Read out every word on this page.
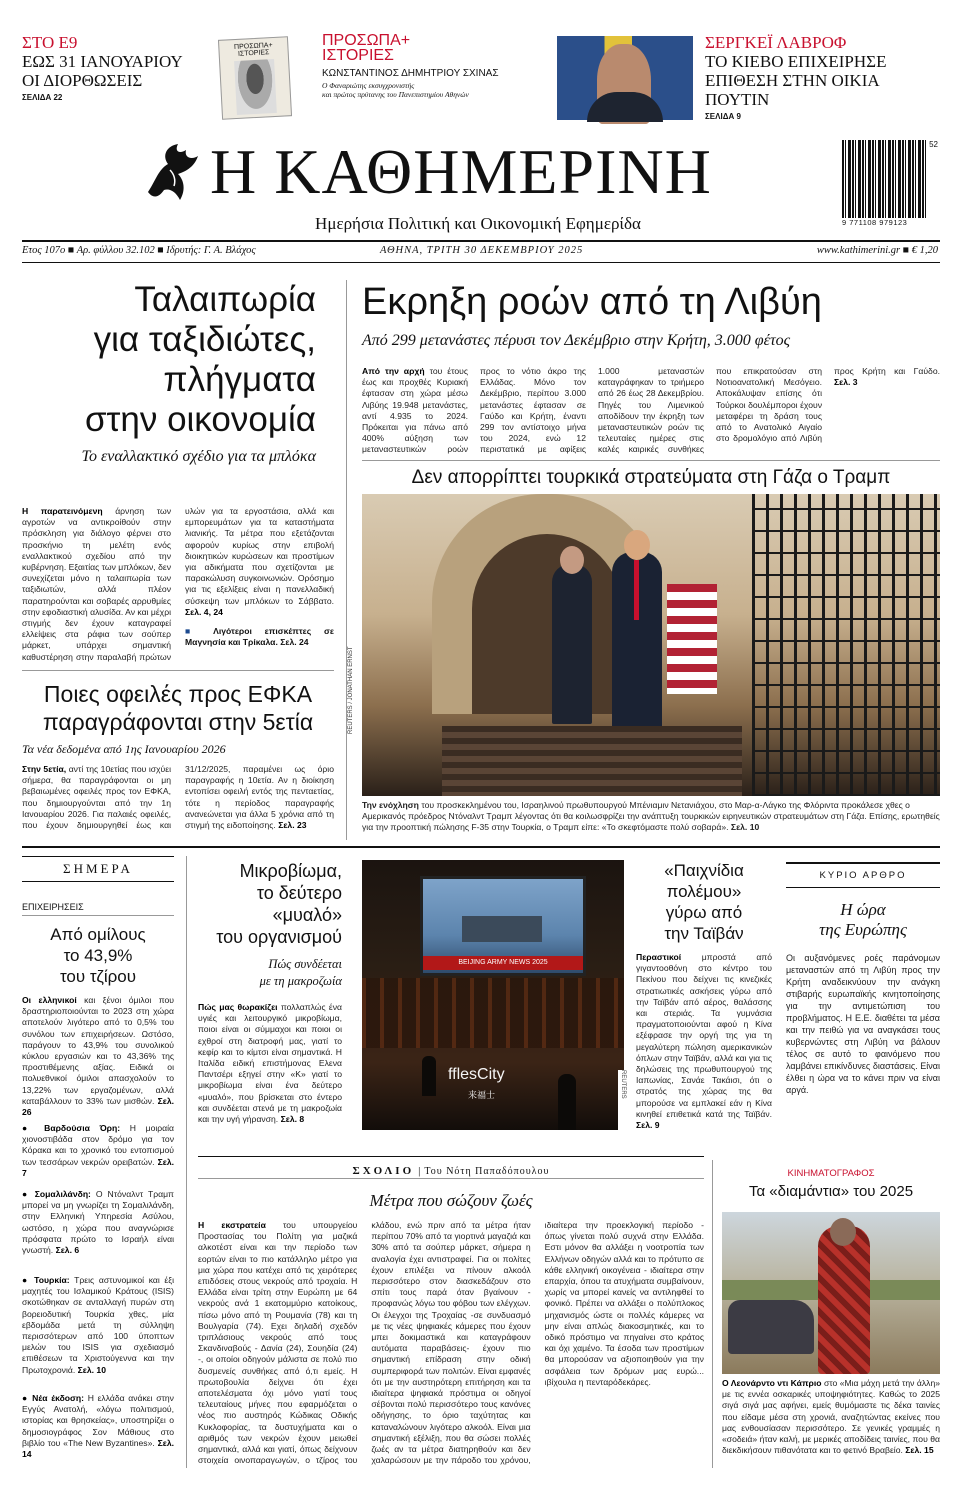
ΣΤΟ Ε9
ΕΩΣ 31 ΙΑΝΟΥΑΡΙΟΥ
ΟΙ ΔΙΟΡΘΩΣΕΙΣ
ΣΕΛΙΔΑ 22
ΠΡΟΣΩΠΑ+ ΙΣΤΟΡΙΕΣ
ΠΡΟΣΩΠΑ+
ΙΣΤΟΡΙΕΣ
ΚΩΝΣΤΑΝΤΙΝΟΣ ΔΗΜΗΤΡΙΟΥ ΣΧΙΝΑΣ
Ο Φαναριώτης εκσυγχρονιστής
και πρώτος πρύτανης του Πανεπιστημίου Αθηνών
ΣΕΡΓΚΕΪ ΛΑΒΡΟΦ
ΤΟ ΚΙΕΒΟ ΕΠΙΧΕΙΡΗΣΕ
ΕΠΙΘΕΣΗ ΣΤΗΝ ΟΙΚΙΑ ΠΟΥΤΙΝ
ΣΕΛΙΔΑ 9
Η ΚΑΘΗΜΕΡΙΝΗ
Ημερήσια Πολιτική και Οικονομική Εφημερίδα
52
9 771108 979123
Ετος 107ο ■ Αρ. φύλλου 32.102 ■ Ιδρυτής: Γ. Α. Βλάχος	ΑΘΗΝΑ, ΤΡΙΤΗ 30 ΔΕΚΕΜΒΡΙΟΥ 2025	www.kathimerini.gr ■ € 1,20
Ταλαιπωρία
για ταξιδιώτες,
πλήγματα
στην οικονομία
Το εναλλακτικό σχέδιο για τα μπλόκα
Η παρατεινόμενη άρνηση των αγροτών να αντικροίθούν στην πρόσκληση για διάλογο φέρνει στο προσκήνιο τη μελέτη ενός εναλλακτικού σχεδίου από την κυβέρνηση. Εξαιτίας των μπλόκων, δεν συνεχίζεται μόνο η ταλαιπωρία των ταξιδιωτών, αλλά πλέον παρατηρούνται και σοβαρές αρρυθμίες στην εφοδιαστική αλυσίδα. Αν και μέχρι στιγμής δεν έχουν καταγραφεί ελλείψεις στα ράφια των σούπερ μάρκετ, υπάρχει σημαντική καθυστέρηση στην παραλαβή πρώτων υλών για τα εργοστάσια, αλλά και εμπορευμάτων για τα καταστήματα λιανικής. Τα μέτρα που εξετάζονται αφορούν κυρίως στην επιβολή διοικητικών κυρώσεων και προστίμων για αδικήματα που σχετίζονται με παρακώλυση συγκοινωνιών. Ορόσημο για τις εξελίξεις είναι η πανελλαδική σύσκεψη των μπλόκων το Σάββατο. Σελ. 4, 24
■ Λιγότεροι επισκέπτες σε Μαγνησία και Τρίκαλα. Σελ. 24
Ποιες οφειλές προς ΕΦΚΑ
παραγράφονται στην 5ετία
Τα νέα δεδομένα από 1ης Ιανουαρίου 2026
Στην 5ετία, αντί της 10ετίας που ισχύει σήμερα, θα παραγράφονται οι μη βεβαιωμένες οφειλές προς τον ΕΦΚΑ, που δημιουργούνται από την 1η Ιανουαρίου 2026. Για παλαιές οφειλές, που έχουν δημιουργηθεί έως και 31/12/2025, παραμένει ως όριο παραγραφής η 10ετία. Αν η διοίκηση εντοπίσει οφειλή εντός της πενταετίας, τότε η περίοδος παραγραφής ανανεώνεται για άλλα 5 χρόνια από τη στιγμή της ειδοποίησης. Σελ. 23
Εκρηξη ροών από τη Λιβύη
Από 299 μετανάστες πέρυσι τον Δεκέμβριο στην Κρήτη, 3.000 φέτος
Από την αρχή του έτους έως και προχθές Κυριακή έφτασαν στη χώρα μέσω Λιβύης 19.948 μετανάστες, αντί 4.935 το 2024. Πρόκειται για πάνω από 400% αύξηση των μεταναστευτικών ροών προς το νότιο άκρο της Ελλάδας. Μόνο τον Δεκέμβριο, περίπου 3.000 μετανάστες έφτασαν σε Γαύδο και Κρήτη, έναντι 299 τον αντίστοιχο μήνα του 2024, ενώ 12 περιστατικά με αφίξεις 1.000 μεταναστών καταγράφηκαν το τριήμερο από 26 έως 28 Δεκεμβρίου. Πηγές του Λιμενικού αποδίδουν την έκρηξη των μεταναστευτικών ροών τις τελευταίες ημέρες στις καλές καιρικές συνθήκες που επικρατούσαν στη Νοτιοανατολική Μεσόγειο. Αποκάλυψαν επίσης ότι Τούρκοι δουλέμποροι έχουν μεταφέρει τη δράση τους από το Ανατολικό Αιγαίο στο δρομολόγιο από Λιβύη προς Κρήτη και Γαύδο. Σελ. 3
Δεν απορρίπτει τουρκικά στρατεύματα στη Γάζα ο Τραμπ
REUTERS / JONATHAN ERNST
Την ενόχληση του προσκεκλημένου του, Ισραηλινού πρωθυπουργού Μπένιαμιν Νετανιάχου, στο Μαρ-α-Λάγκο της Φλόριντα προκάλεσε χθες ο Αμερικανός πρόεδρος Ντόναλντ Τραμπ λέγοντας ότι θα κοιλωσφρίζει την ανάπτυξη τουρκικών ειρηνευτικών στρατευμάτων στη Γάζα. Επίσης, ερωτηθείς για την προοπτική πώλησης F-35 στην Τουρκία, ο Τραμπ είπε: «Το σκεφτόμαστε πολύ σοβαρά». Σελ. 10
ΣΗΜΕΡΑ
ΕΠΙΧΕΙΡΗΣΕΙΣ
Από ομίλους
το 43,9%
του τζίρου
Οι ελληνικοί και ξένοι όμιλοι που δραστηριοποιούνται το 2023 στη χώρα αποτελούν λιγότερο από το 0,5% του συνόλου των επιχειρήσεων. Ωστόσο, παράγουν το 43,9% του συνολικού κύκλου εργασιών και το 43,36% της προστιθέμενης αξίας. Ειδικά οι πολυεθνικοί όμιλοι απασχολούν το 13,22% των εργαζομένων, αλλά καταβάλλουν το 33% των μισθών. Σελ. 26
● Βαρδούσια Όρη: Η μοιραία χιονοστιβάδα στον δρόμο για τον Κόρακα και το χρονικό του εντοπισμού των τεσσάρων νεκρών ορειβατών. Σελ. 7
● Σομαλιλάνδη: Ο Ντόναλντ Τραμπ μπορεί να μη γνωρίζει τη Σομαλιλάνδη, στην Ελληνική Υπηρεσία Ασύλου, ωστόσο, η χώρα που αναγνώρισε πρόσφατα πρώτο το Ισραήλ είναι γνωστή. Σελ. 6
● Τουρκία: Τρεις αστυνομικοί και έξι μαχητές του Ισλαμικού Κράτους (ISIS) σκοτώθηκαν σε ανταλλαγή πυρών στη βορειοδυτική Τουρκία χθες, μία εβδομάδα μετά τη σύλληψη περισσότερων από 100 ύποπτων μελών του ISIS για σχεδιασμό επιθέσεων τα Χριστούγεννα και την Πρωτοχρονιά. Σελ. 10
● Νέα έκδοση: Η ελλάδα ανάκει στην Εγγύς Ανατολή, «λόγω πολιτισμού, ιστορίας και θρησκείας», υποστηρίζει ο δημοσιογράφος Σον Μάθιους στο βιβλίο του «The New Byzantines». Σελ. 14
Μικροβίωμα,
το δεύτερο
«μυαλό»
του οργανισμού
Πώς συνδέεται
με τη μακροζωία
Πώς μας θωρακίζει πολλαπλώς ένα υγιές και λειτουργικό μικροβίωμα, ποιοι είναι οι σύμμαχοι και ποιοι οι εχθροί στη διατροφή μας, γιατί το κεφίρ και το κίμτσι είναι σημαντικά. Η Ιταλίδα ειδική επιστήμονας Ελενα Παντσέρι εξηγεί στην «Κ» γιατί το μικροβίωμα είναι ένα δεύτερο «μυαλό», που βρίσκεται στο έντερο και συνδέεται στενά με τη μακροζωία και την υγή γήρανση. Σελ. 8
BEIJING ARMY NEWS 2025
fflesCity
来福士	REUTERS
«Παιχνίδια
πολέμου»
γύρω από
την Ταϊβάν
Περαστικοί μπροστά από γιγαντοοθόνη στο κέντρο του Πεκίνου που δείχνει τις κινεζικές στρατιωτικές ασκήσεις γύρω από την Ταϊβάν από αέρος, θαλάσσης και στεριάς. Τα γυμνάσια πραγματοποιούνται αφού η Κίνα εξέφρασε την οργή της για τη μεγαλύτερη πώληση αμερικανικών όπλων στην Ταϊβάν, αλλά και για τις δηλώσεις της πρωθυπουργού της Ιαπωνίας, Σανάε Τακάισι, ότι ο στρατός της χώρας της θα μπορούσε να εμπλακεί εάν η Κίνα κινηθεί επιθετικά κατά της Ταϊβάν. Σελ. 9
ΚΥΡΙΟ ΑΡΘΡΟ
Η ώρα
της Ευρώπης
Οι αυξανόμενες ροές παράνομων μεταναστών από τη Λιβύη προς την Κρήτη αναδεικνύουν την ανάγκη στιβαρής ευρωπαϊκής κινητοποίησης για την αντιμετώπιση του προβλήματος. Η Ε.Ε. διαθέτει τα μέσα και την πειθώ για να αναγκάσει τους κυβερνώντες στη Λιβύη να βάλουν τέλος σε αυτό το φαινόμενο που λαμβάνει επικίνδυνες διαστάσεις. Είναι έλθει η ώρα να το κάνει πριν να είναι αργά.
ΣΧΟΛΙΟ | Του Νότη Παπαδόπουλου
Μέτρα που σώζουν ζωές
Η εκστρατεία του υπουργείου Προστασίας του Πολίτη για μαζικά αλκοτέστ είναι και την περίοδο των εορτών είναι το πιο κατάλληλο μέτρο για μια χώρα που κατέχει από τις χειρότερες επιδόσεις στους νεκρούς από τροχαία. Η Ελλάδα είναι τρίτη στην Ευρώπη με 64 νεκρούς ανά 1 εκατομμύριο κατοίκους, πίσω μόνο από τη Ρουμανία (78) και τη Βουλγαρία (74). Εχει δηλαδή σχεδόν τριπλάσιους νεκρούς από τους Σκανδιναβούς - Δανία (24), Σουηδία (24) -, οι οποίοι οδηγούν μάλιστα σε πολύ πιο δυσμενείς συνθήκες από ό,τι εμείς. Η πρωτοβουλία δείχνει ότι έχει αποτελέσματα όχι μόνο γιατί τους τελευταίους μήνες που εφαρμόζεται ο νέος πιο αυστηρός Κώδικας Οδικής Κυκλοφορίας, τα δυστυχήματα και ο αριθμός των νεκρών έχουν μειωθεί σημαντικά, αλλά και γιατί, όπως δείχνουν στοιχεία οινοπαραγωγών, ο τζίρος του κλάδου, ενώ πριν από τα μέτρα ήταν περίπου 70% από τα γιορτινά μαγαζιά και 30% από τα σούπερ μάρκετ, σήμερα η αναλογία έχει αντιστραφεί. Για οι πολίτες έχουν επιλέξει να πίνουν αλκοόλ περισσότερο στον διασκεδάζουν στο σπίτι τους παρά όταν βγαίνουν - προφανώς λόγω του φόβου των ελέγχων. Οι έλεγχοι της Τροχαίας -σε συνδυασμό με τις νέες ψηφιακές κάμερες που έχουν μπει δοκιμαστικά και καταγράφουν αυτόματα παραβάσεις- έχουν πιο σημαντική επίδραση στην οδική συμπεριφορά των πολιτών. Είναι εμφανές ότι με την αυστηρότερη επιτήρηση και τα ιδιαίτερα ψηφιακά πρόστιμα οι οδηγοί σέβονται πολύ περισσότερο τους κανόνες οδήγησης, το όριο ταχύτητας και καταναλώνουν λιγότερο αλκοόλ. Είναι μια σημαντική εξέλιξη, που θα σώσει πολλές ζωές αν τα μέτρα διατηρηθούν και δεν χαλαρώσουν με την πάροδο του χρόνου, ιδιαίτερα την προεκλογική περίοδο - όπως γίνεται πολύ συχνά στην Ελλάδα. Εστι μόνον θα αλλάξει η νοοτροπία των Ελλήνων οδηγών αλλά και το πρότυπο σε κάθε ελληνική οικογένεια - ιδιαίτερα στην επαρχία, όπου τα ατυχήματα συμβαίνουν, χωρίς να μπορεί κανείς να αντιληφθεί το φονικό. Πρέπει να αλλάξει ο πολύπλοκος μηχανισμός ώστε οι πολλές κάμερες να μην είναι απλώς διακοσμητικές, και το οδικό πρόστιμο να πηγαίνει στο κράτος και όχι χαμένο. Τα έσοδα των προστίμων θα μπορούσαν να αξιοποιηθούν για την ασφάλεια των δρόμων μας ευρώ... ιβίχουλα η πενταρόδεκάρες.
ΚΙΝΗΜΑΤΟΓΡΑΦΟΣ
Τα «διαμάντια» του 2025
Ο Λεονάρντο ντι Κάπριο στο «Μια μάχη μετά την άλλη» με τις εννέα οσκαρικές υποψηφιότητες. Καθώς το 2025 σιγά σιγά μας αφήνει, εμείς θυμόμαστε τις δέκα ταινίες που είδαμε μέσα στη χρονιά, αναζητώντας εκείνες που μας ενθουσίασαν περισσότερο. Σε γενικές γραμμές η «σοδειά» ήταν καλή, με μερικές αποδίδεις ταινίες, που θα διεκδικήσουν πιθανότατα και το φετινό Βραβείο. Σελ. 15
